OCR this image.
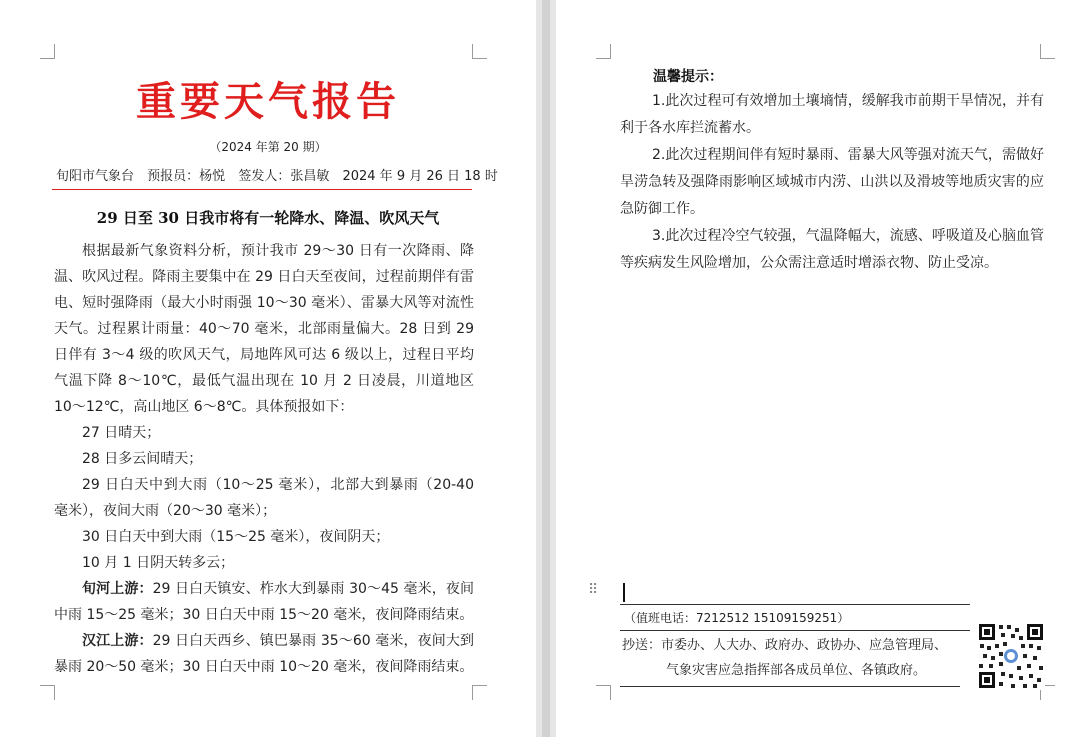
重要天气报告
（2024 年第 20 期）
旬阳市气象台 预报员：杨悦 签发人：张昌敏 2024 年 9 月 26 日 18 时
29 日至 30 日我市将有一轮降水、降温、吹风天气

根据最新气象资料分析，预计我市 29～30 日有一次降雨、降温、吹风过程。降雨主要集中在 29 日白天至夜间，过程前期伴有雷电、短时强降雨（最大小时雨强 10～30 毫米）、雷暴大风等对流性天气。过程累计雨量：40～70 毫米，北部雨量偏大。28 日到 29 日伴有 3～4 级的吹风天气，局地阵风可达 6 级以上，过程日平均气温下降 8～10℃，最低气温出现在 10 月 2 日凌晨，川道地区 10～12℃，高山地区 6～8℃。具体预报如下：

27 日晴天；

28 日多云间晴天；

29 日白天中到大雨（10～25 毫米），北部大到暴雨（20-40 毫米），夜间大雨（20～30 毫米）；

30 日白天中到大雨（15～25 毫米），夜间阴天；

10 月 1 日阴天转多云；

旬河上游：29 日白天镇安、柞水大到暴雨 30～45 毫米，夜间中雨 15～25 毫米；30 日白天中雨 15～20 毫米，夜间降雨结束。

汉江上游：29 日白天西乡、镇巴暴雨 35～60 毫米，夜间大到暴雨 20～50 毫米；30 日白天中雨 10～20 毫米，夜间降雨结束。

温馨提示：

1.此次过程可有效增加土壤墒情，缓解我市前期干旱情况，并有利于各水库拦流蓄水。

2.此次过程期间伴有短时暴雨、雷暴大风等强对流天气，需做好旱涝急转及强降雨影响区域城市内涝、山洪以及滑坡等地质灾害的应急防御工作。

3.此次过程冷空气较强，气温降幅大，流感、呼吸道及心脑血管等疾病发生风险增加，公众需注意适时增添衣物、防止受凉。

⠿
（值班电话：7212512 15109159251）
抄送：市委办、人大办、政府办、政协办、应急管理局、
气象灾害应急指挥部各成员单位、各镇政府。
